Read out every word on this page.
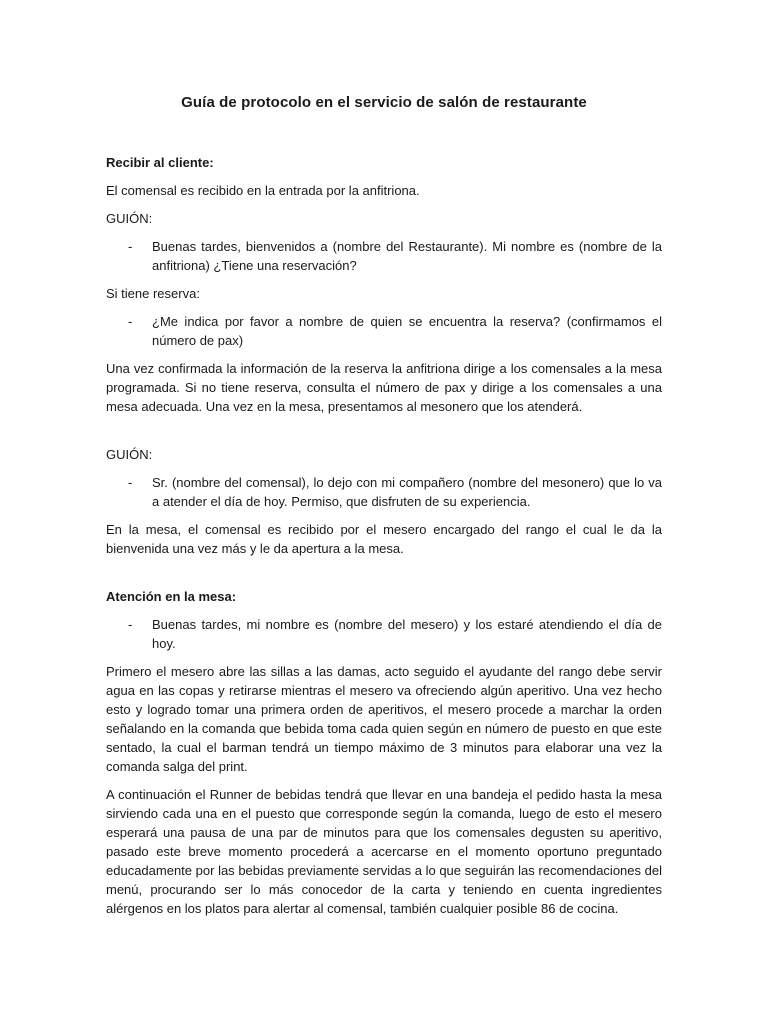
Guía de protocolo en el servicio de salón de restaurante

Recibir al cliente:

El comensal es recibido en la entrada por la anfitriona.

GUIÓN:

-	Buenas tardes, bienvenidos a (nombre del Restaurante). Mi nombre es (nombre de la anfitriona) ¿Tiene una reservación?

Si tiene reserva:

-	¿Me indica por favor a nombre de quien se encuentra la reserva? (confirmamos el número de pax)

Una vez confirmada la información de la reserva la anfitriona dirige a los comensales a la mesa programada. Si no tiene reserva, consulta el número de pax y dirige a los comensales a una mesa adecuada. Una vez en la mesa, presentamos al mesonero que los atenderá.

GUIÓN:

-	Sr. (nombre del comensal), lo dejo con mi compañero (nombre del mesonero) que lo va a atender el día de hoy. Permiso, que disfruten de su experiencia.

En la mesa, el comensal es recibido por el mesero encargado del rango el cual le da la bienvenida una vez más y le da apertura a la mesa.

Atención en la mesa:

-	Buenas tardes, mi nombre es (nombre del mesero) y los estaré atendiendo el día de hoy.

Primero el mesero abre las sillas a las damas, acto seguido el ayudante del rango debe servir agua en las copas y retirarse mientras el mesero va ofreciendo algún aperitivo. Una vez hecho esto y logrado tomar una primera orden de aperitivos, el mesero procede a marchar la orden señalando en la comanda que bebida toma cada quien según en número de puesto en que este sentado, la cual el barman tendrá un tiempo máximo de 3 minutos para elaborar una vez la comanda salga del print.

A continuación el Runner de bebidas tendrá que llevar en una bandeja el pedido hasta la mesa sirviendo cada una en el puesto que corresponde según la comanda, luego de esto el mesero esperará una pausa de una par de minutos para que los comensales degusten su aperitivo, pasado este breve momento procederá a acercarse en el momento oportuno preguntado educadamente por las bebidas previamente servidas a lo que seguirán las recomendaciones del menú, procurando ser lo más conocedor de la carta y teniendo en cuenta ingredientes alérgenos en los platos para alertar al comensal, también cualquier posible 86 de cocina.
